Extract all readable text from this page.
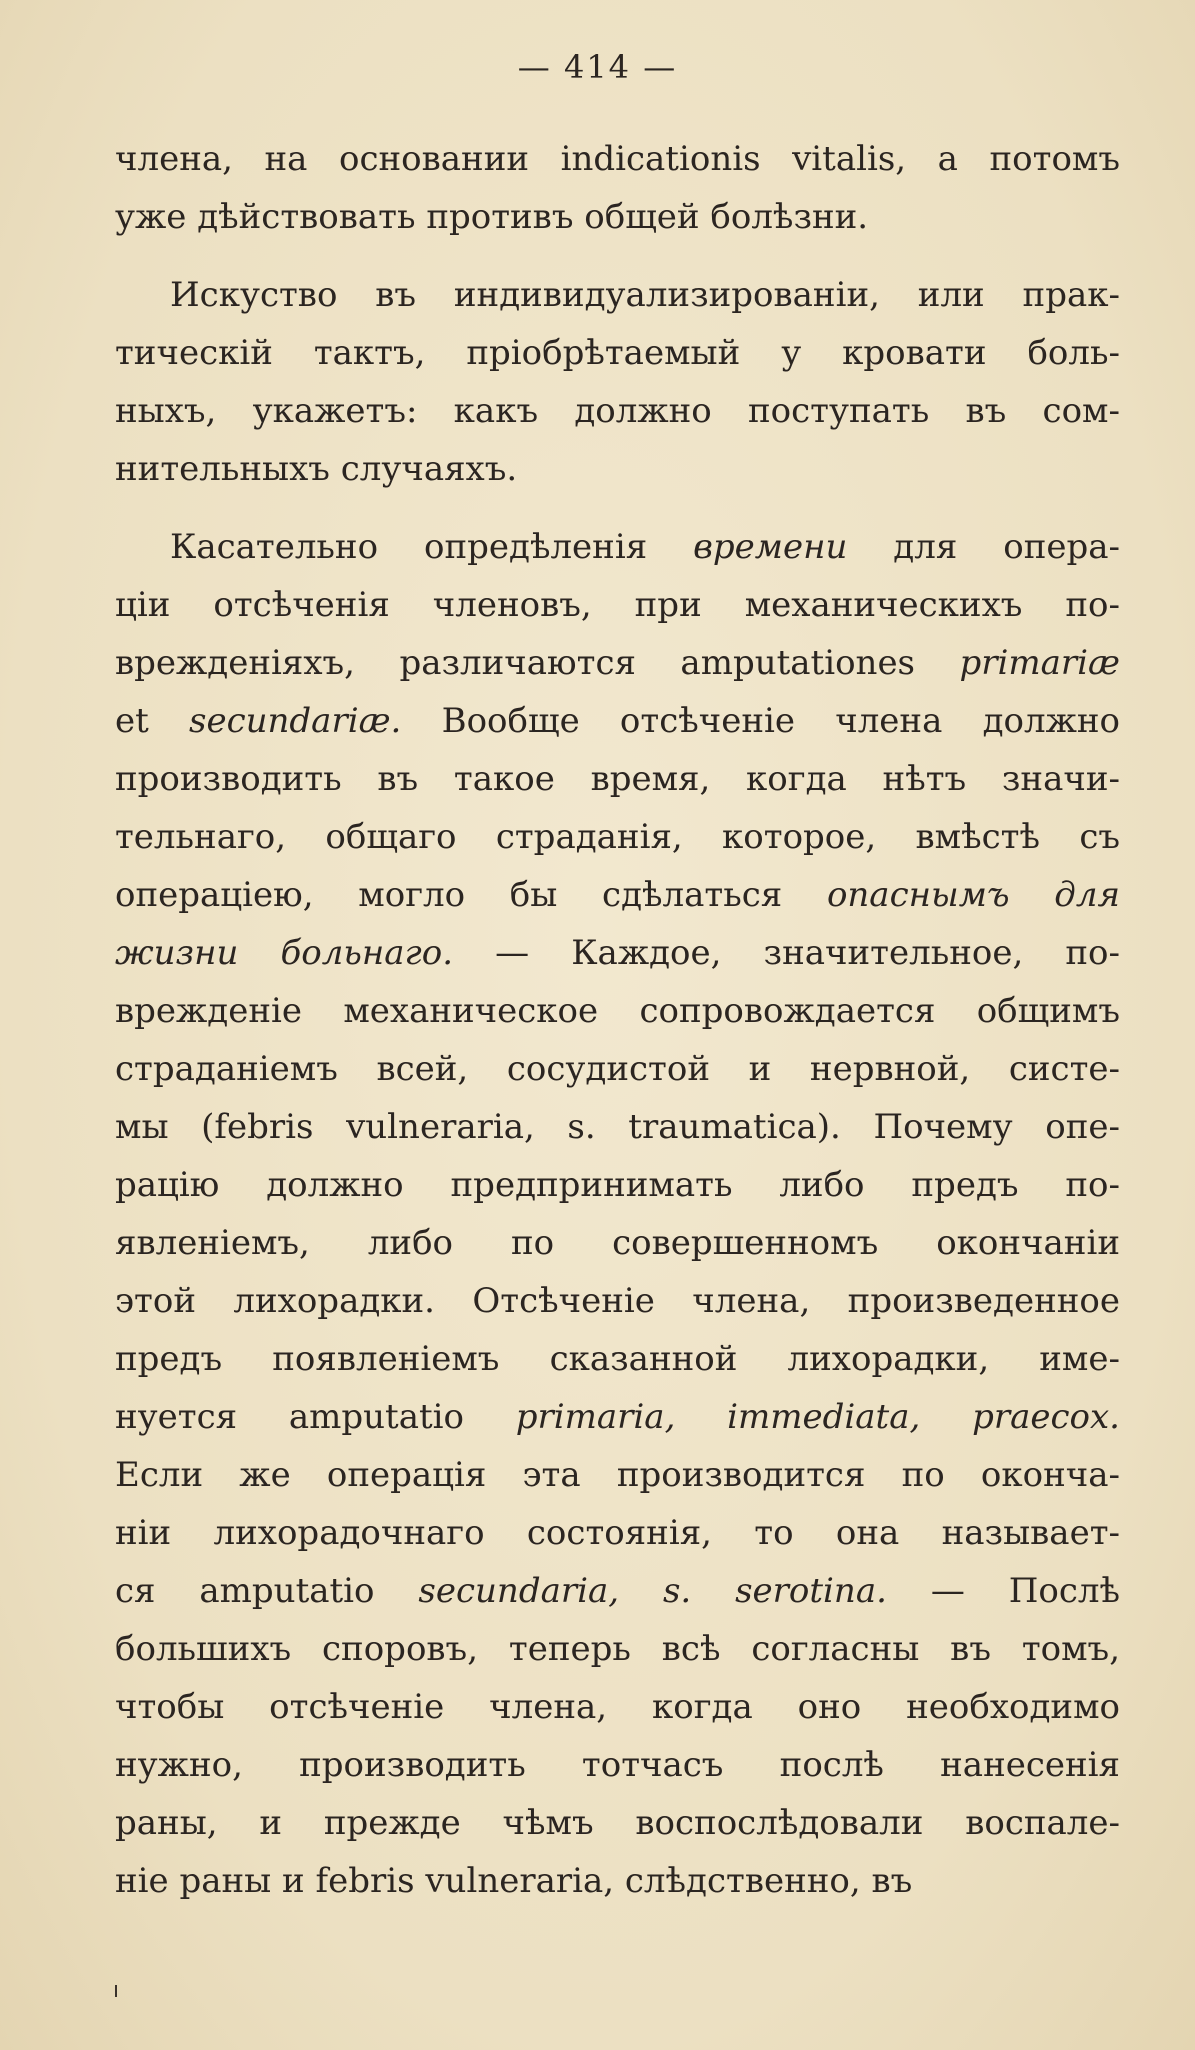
— 414 —
члена, на основании indicationis vitalis, а потомъ
уже дѣйствовать противъ общей болѣзни.
Искуство въ индивидуализированіи, или прак-
тическій тактъ, пріобрѣтаемый у кровати боль-
ныхъ, укажетъ: какъ должно поступать въ сом-
нительныхъ случаяхъ.
Касательно опредѣленія времени для опера-
ціи отсѣченія членовъ, при механическихъ по-
врежденіяхъ, различаются amputationes primariæ
et secundariæ. Вообще отсѣченіе члена должно
производить въ такое время, когда нѣтъ значи-
тельнаго, общаго страданія, которое, вмѣстѣ съ
операціею, могло бы сдѣлаться опаснымъ для
жизни больнаго. — Каждое, значительное, по-
врежденіе механическое сопровождается общимъ
страданіемъ всей, сосудистой и нервной, систе-
мы (febris vulneraria, s. traumatica). Почему опе-
рацію должно предпринимать либо предъ по-
явленіемъ, либо по совершенномъ окончаніи
этой лихорадки. Отсѣченіе члена, произведенное
предъ появленіемъ сказанной лихорадки, име-
нуется amputatio primaria, immediata, praecox.
Если же операція эта производится по оконча-
ніи лихорадочнаго состоянія, то она называет-
ся amputatio secundaria, s. serotina. — Послѣ
большихъ споровъ, теперь всѣ согласны въ томъ,
чтобы отсѣченіе члена, когда оно необходимо
нужно, производить тотчасъ послѣ нанесенія
раны, и прежде чѣмъ воспослѣдовали воспале-
ніе раны и febris vulneraria, слѣдственно, въ
